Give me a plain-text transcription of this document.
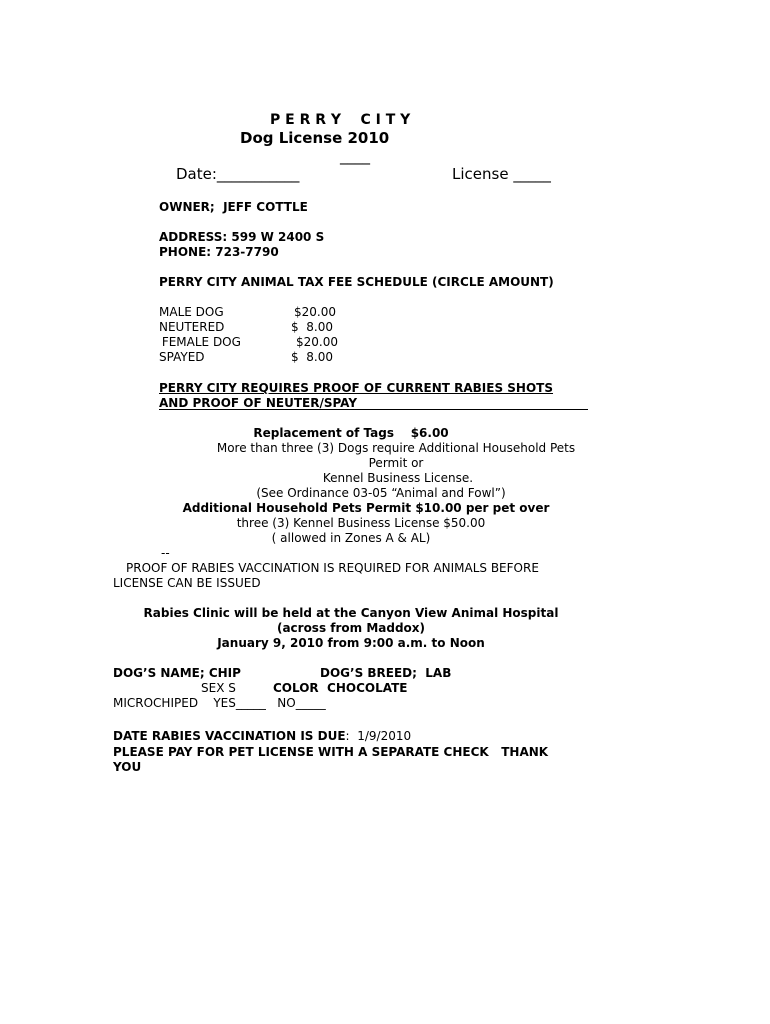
P E R R Y    C I T Y
Dog License 2010
____
Date:___________	License _____
OWNER;  JEFF COTTLE
ADDRESS: 599 W 2400 S
PHONE: 723-7790
PERRY CITY ANIMAL TAX FEE SCHEDULE (CIRCLE AMOUNT)
MALE DOG	$20.00
NEUTERED	$  8.00
FEMALE DOG	$20.00
SPAYED	$  8.00
PERRY CITY REQUIRES PROOF OF CURRENT RABIES SHOTS
AND PROOF OF NEUTER/SPAY
Replacement of Tags    $6.00
More than three (3) Dogs require Additional Household Pets
Permit or
Kennel Business License.
(See Ordinance 03-05 “Animal and Fowl”)
Additional Household Pets Permit $10.00 per pet over
three (3) Kennel Business License $50.00
( allowed in Zones A & AL)
--
PROOF OF RABIES VACCINATION IS REQUIRED FOR ANIMALS BEFORE
LICENSE CAN BE ISSUED
Rabies Clinic will be held at the Canyon View Animal Hospital
(across from Maddox)
January 9, 2010 from 9:00 a.m. to Noon
DOG’S NAME; CHIP	DOG’S BREED;  LAB
SEX S	COLOR  CHOCOLATE
MICROCHIPED    YES_____   NO_____
DATE RABIES VACCINATION IS DUE: 1/9/2010
PLEASE PAY FOR PET LICENSE WITH A SEPARATE CHECK   THANK
YOU
